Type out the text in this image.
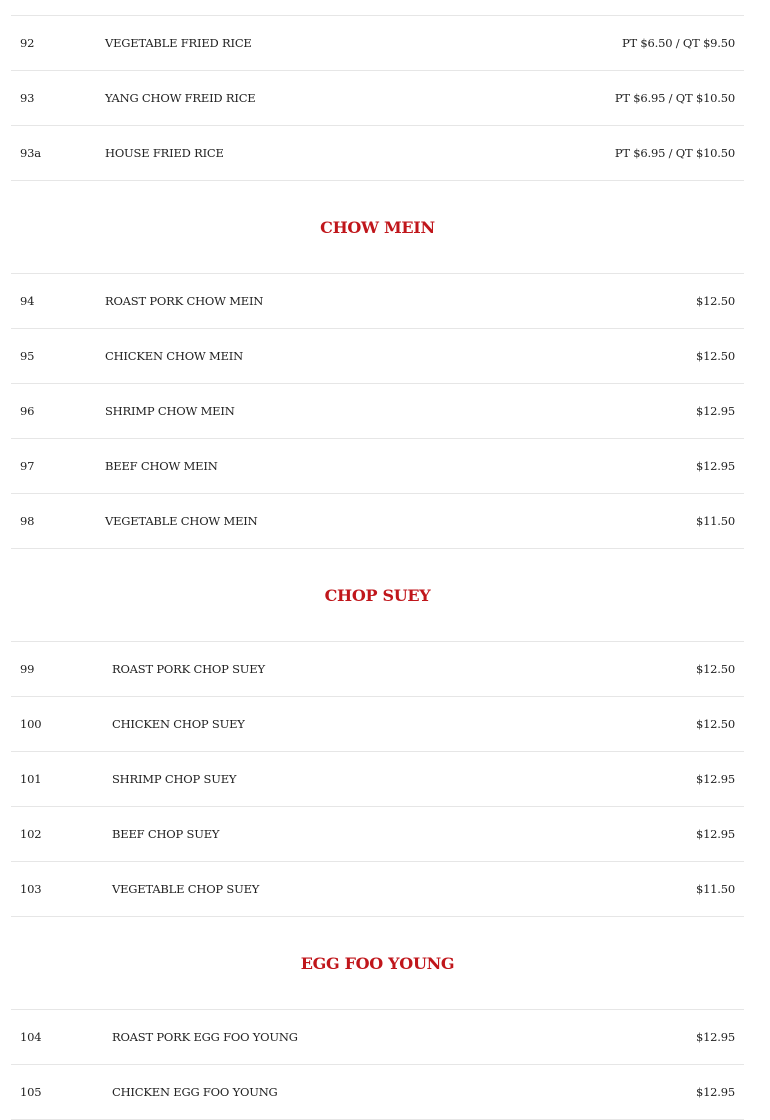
92	VEGETABLE FRIED RICE	PT $6.50 / QT $9.50
93	YANG CHOW FREID RICE	PT $6.95 / QT $10.50
93a	HOUSE FRIED RICE	PT $6.95 / QT $10.50
CHOW MEIN
94	ROAST PORK CHOW MEIN	$12.50
95	CHICKEN CHOW MEIN	$12.50
96	SHRIMP CHOW MEIN	$12.95
97	BEEF CHOW MEIN	$12.95
98	VEGETABLE CHOW MEIN	$11.50
CHOP SUEY
99	ROAST PORK CHOP SUEY	$12.50
100	CHICKEN CHOP SUEY	$12.50
101	SHRIMP CHOP SUEY	$12.95
102	BEEF CHOP SUEY	$12.95
103	VEGETABLE CHOP SUEY	$11.50
EGG FOO YOUNG
104	ROAST PORK EGG FOO YOUNG	$12.95
105	CHICKEN EGG FOO YOUNG	$12.95
